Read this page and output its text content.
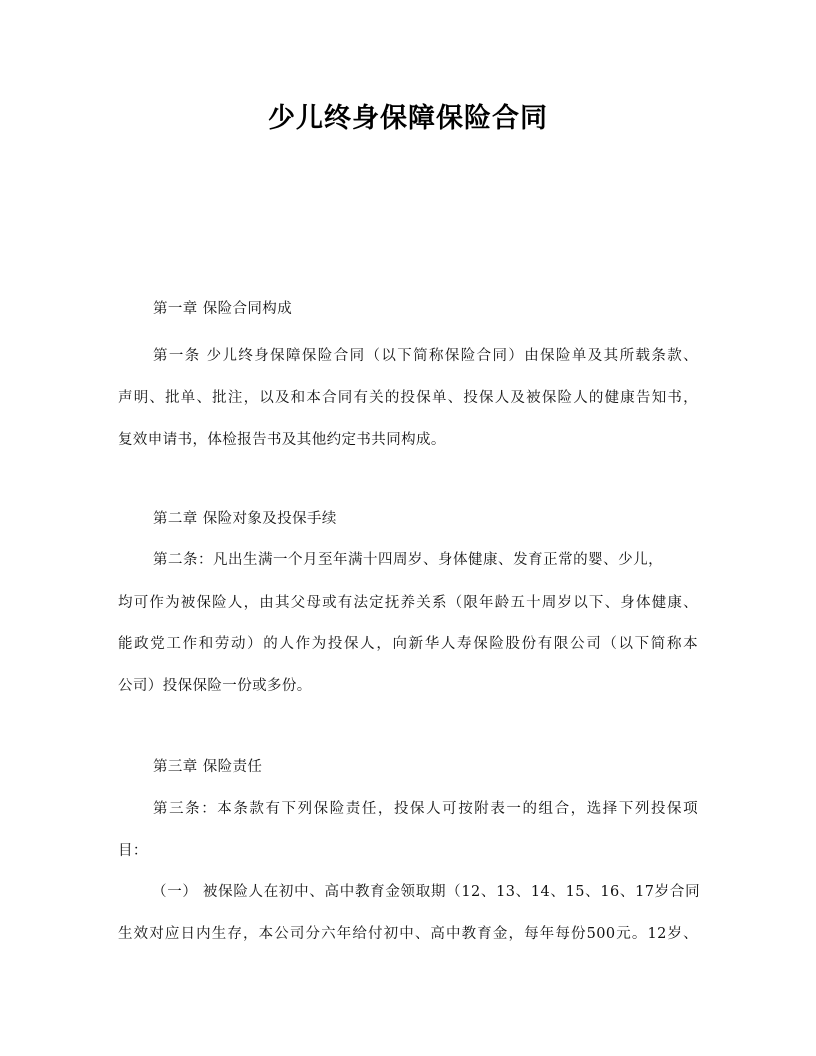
少儿终身保障保险合同
第一章 保险合同构成
第一条 少儿终身保障保险合同（以下简称保险合同）由保险单及其所载条款、
声明、批单、批注，以及和本合同有关的投保单、投保人及被保险人的健康告知书，
复效申请书，体检报告书及其他约定书共同构成。
第二章 保险对象及投保手续
第二条：凡出生满一个月至年满十四周岁、身体健康、发育正常的婴、少儿，
均可作为被保险人，由其父母或有法定抚养关系（限年龄五十周岁以下、身体健康、
能政党工作和劳动）的人作为投保人，向新华人寿保险股份有限公司（以下简称本
公司）投保保险一份或多份。
第三章 保险责任
第三条：本条款有下列保险责任，投保人可按附表一的组合，选择下列投保项
目：
（一） 被保险人在初中、高中教育金领取期（12、13、14、15、16、17岁合同
生效对应日内生存，本公司分六年给付初中、高中教育金，每年每份500元。12岁、
